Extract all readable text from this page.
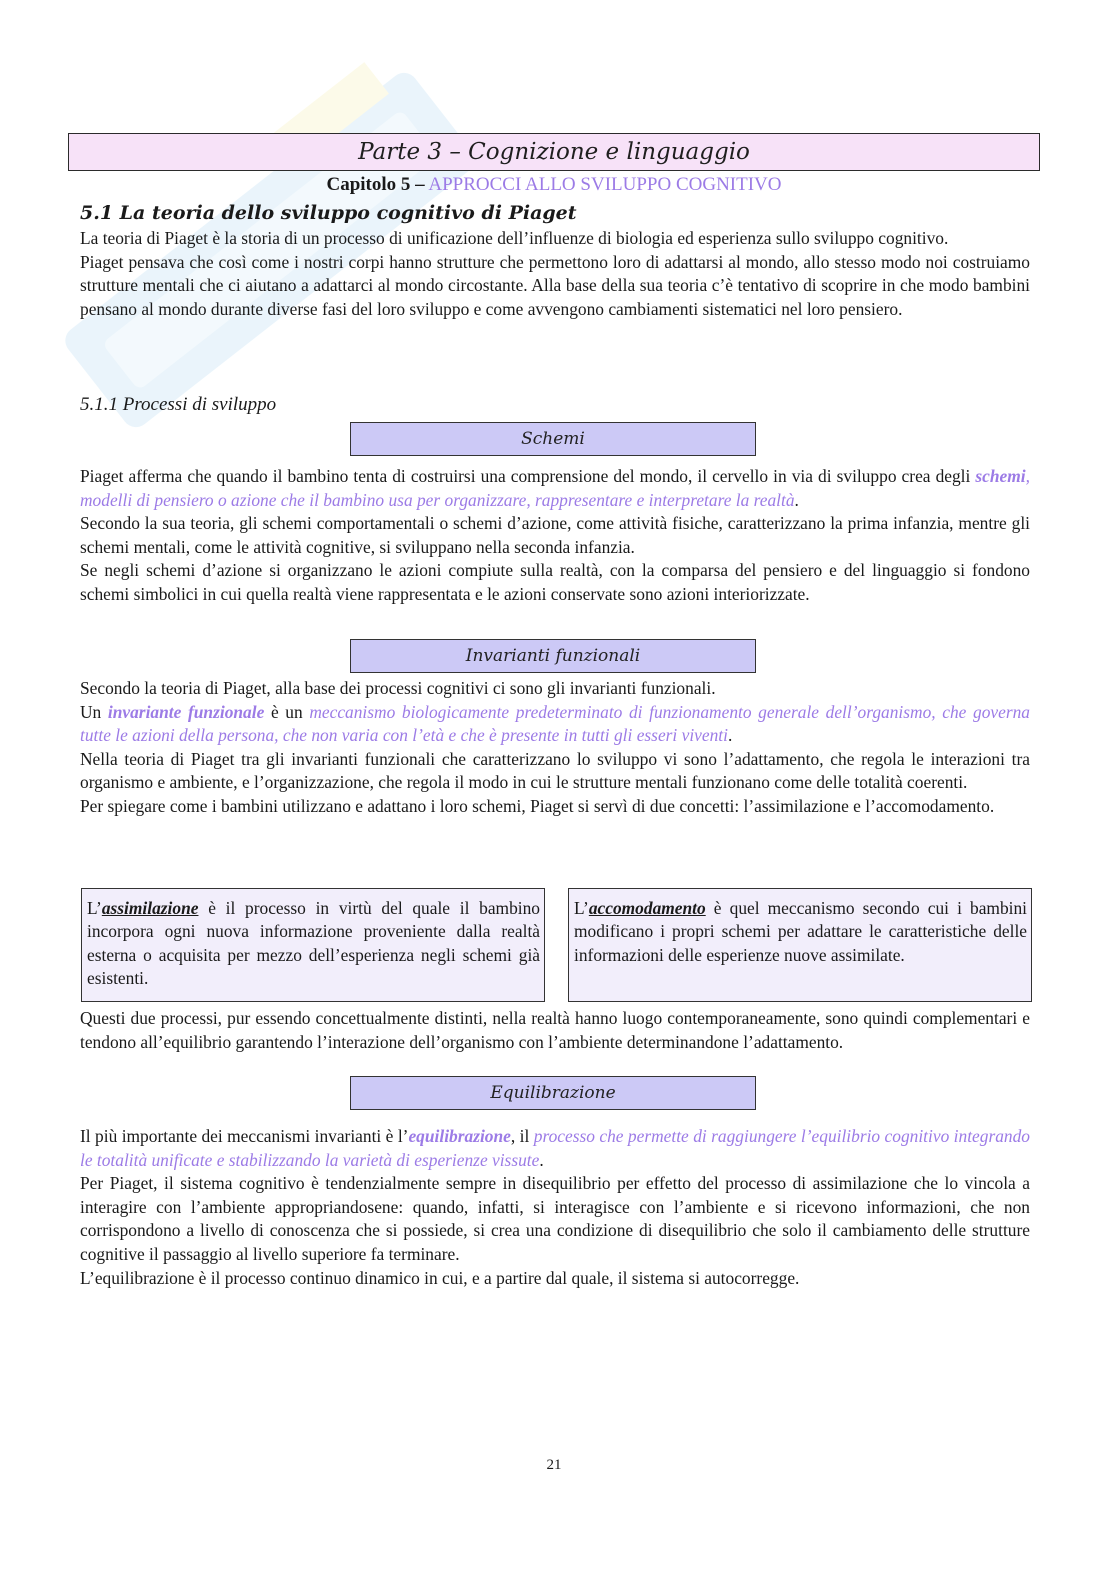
Parte 3 – Cognizione e linguaggio
Capitolo 5 – APPROCCI ALLO SVILUPPO COGNITIVO
5.1 La teoria dello sviluppo cognitivo di Piaget

La teoria di Piaget è la storia di un processo di unificazione dell’influenze di biologia ed esperienza sullo sviluppo cognitivo.

Piaget pensava che così come i nostri corpi hanno strutture che permettono loro di adattarsi al mondo, allo stesso modo noi costruiamo strutture mentali che ci aiutano a adattarci al mondo circostante. Alla base della sua teoria c’è tentativo di scoprire in che modo bambini pensano al mondo durante diverse fasi del loro sviluppo e come avvengono cambiamenti sistematici nel loro pensiero.

5.1.1 Processi di sviluppo
Schemi

Piaget afferma che quando il bambino tenta di costruirsi una comprensione del mondo, il cervello in via di sviluppo crea degli schemi, modelli di pensiero o azione che il bambino usa per organizzare, rappresentare e interpretare la realtà.

Secondo la sua teoria, gli schemi comportamentali o schemi d’azione, come attività fisiche, caratterizzano la prima infanzia, mentre gli schemi mentali, come le attività cognitive, si sviluppano nella seconda infanzia.

Se negli schemi d’azione si organizzano le azioni compiute sulla realtà, con la comparsa del pensiero e del linguaggio si fondono schemi simbolici in cui quella realtà viene rappresentata e le azioni conservate sono azioni interiorizzate.

Invarianti funzionali

Secondo la teoria di Piaget, alla base dei processi cognitivi ci sono gli invarianti funzionali.

Un invariante funzionale è un meccanismo biologicamente predeterminato di funzionamento generale dell’organismo, che governa tutte le azioni della persona, che non varia con l’età e che è presente in tutti gli esseri viventi.

Nella teoria di Piaget tra gli invarianti funzionali che caratterizzano lo sviluppo vi sono l’adattamento, che regola le interazioni tra organismo e ambiente, e l’organizzazione, che regola il modo in cui le strutture mentali funzionano come delle totalità coerenti.

Per spiegare come i bambini utilizzano e adattano i loro schemi, Piaget si servì di due concetti: l’assimilazione e l’accomodamento.

L’assimilazione è il processo in virtù del quale il bambino incorpora ogni nuova informazione proveniente dalla realtà esterna o acquisita per mezzo dell’esperienza negli schemi già esistenti.
L’accomodamento è quel meccanismo secondo cui i bambini modificano i propri schemi per adattare le caratteristiche delle informazioni delle esperienze nuove assimilate.

Questi due processi, pur essendo concettualmente distinti, nella realtà hanno luogo contemporaneamente, sono quindi complementari e tendono all’equilibrio garantendo l’interazione dell’organismo con l’ambiente determinandone l’adattamento.

Equilibrazione

Il più importante dei meccanismi invarianti è l’equilibrazione, il processo che permette di raggiungere l’equilibrio cognitivo integrando le totalità unificate e stabilizzando la varietà di esperienze vissute.

Per Piaget, il sistema cognitivo è tendenzialmente sempre in disequilibrio per effetto del processo di assimilazione che lo vincola a interagire con l’ambiente appropriandosene: quando, infatti, si interagisce con l’ambiente e si ricevono informazioni, che non corrispondono a livello di conoscenza che si possiede, si crea una condizione di disequilibrio che solo il cambiamento delle strutture cognitive il passaggio al livello superiore fa terminare.

L’equilibrazione è il processo continuo dinamico in cui, e a partire dal quale, il sistema si autocorregge.

21
